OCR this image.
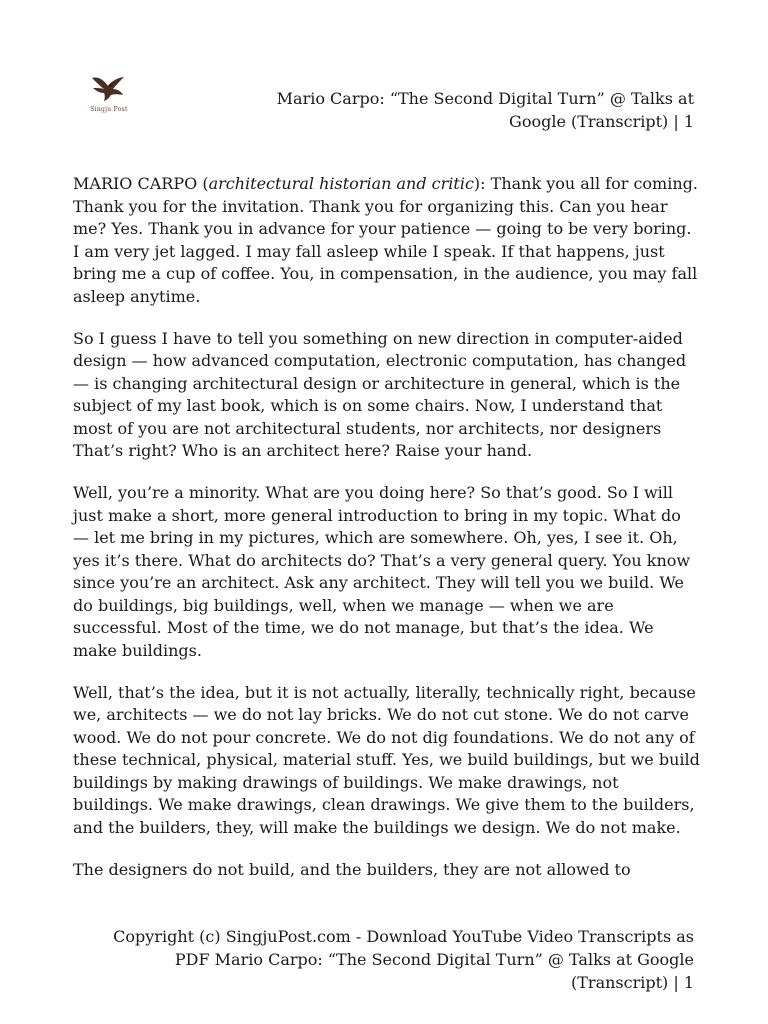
Singju Post
Mario Carpo: “The Second Digital Turn” @ Talks at Google (Transcript) | 1

MARIO CARPO (architectural historian and critic): Thank you all for coming. Thank you for the invitation. Thank you for organizing this. Can you hear me? Yes. Thank you in advance for your patience — going to be very boring. I am very jet lagged. I may fall asleep while I speak. If that happens, just bring me a cup of coffee. You, in compensation, in the audience, you may fall asleep anytime.

So I guess I have to tell you something on new direction in computer-aided design — how advanced computation, electronic computation, has changed — is changing architectural design or architecture in general, which is the subject of my last book, which is on some chairs. Now, I understand that most of you are not architectural students, nor architects, nor designers That’s right? Who is an architect here? Raise your hand.

Well, you’re a minority. What are you doing here? So that’s good. So I will just make a short, more general introduction to bring in my topic. What do — let me bring in my pictures, which are somewhere. Oh, yes, I see it. Oh, yes it’s there. What do architects do? That’s a very general query. You know since you’re an architect. Ask any architect. They will tell you we build. We do buildings, big buildings, well, when we manage — when we are successful. Most of the time, we do not manage, but that’s the idea. We make buildings.

Well, that’s the idea, but it is not actually, literally, technically right, because we, architects — we do not lay bricks. We do not cut stone. We do not carve wood. We do not pour concrete. We do not dig foundations. We do not any of these technical, physical, material stuff. Yes, we build buildings, but we build buildings by making drawings of buildings. We make drawings, not buildings. We make drawings, clean drawings. We give them to the builders, and the builders, they, will make the buildings we design. We do not make.

The designers do not build, and the builders, they are not allowed to

Copyright (c) SingjuPost.com - Download YouTube Video Transcripts as PDF Mario Carpo: “The Second Digital Turn” @ Talks at Google (Transcript) | 1
